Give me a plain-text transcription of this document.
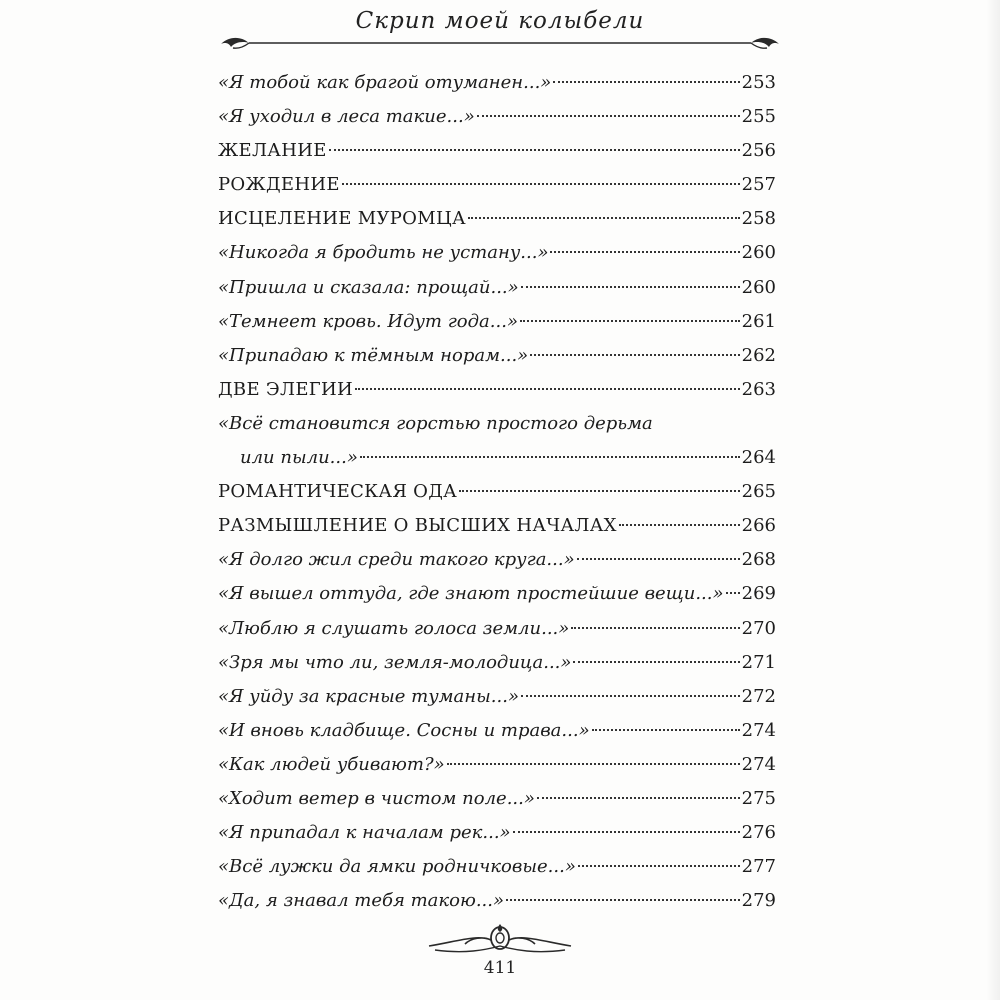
Скрип моей колыбели
«Я тобой как брагой отуманен...»	253
«Я уходил в леса такие...»	255
ЖЕЛАНИЕ	256
РОЖДЕНИЕ	257
ИСЦЕЛЕНИЕ МУРОМЦА	258
«Никогда я бродить не устану...»	260
«Пришла и сказала: прощай...»	260
«Темнеет кровь. Идут года...»	261
«Припадаю к тёмным норам...»	262
ДВЕ ЭЛЕГИИ	263
«Всё становится горстью простого дерьма
или пыли...»	264
РОМАНТИЧЕСКАЯ ОДА	265
РАЗМЫШЛЕНИЕ О ВЫСШИХ НАЧАЛАХ	266
«Я долго жил среди такого круга...»	268
«Я вышел оттуда, где знают простейшие вещи...» 269
«Люблю я слушать голоса земли...»	270
«Зря мы что ли, земля-молодица...»	271
«Я уйду за красные туманы...»	272
«И вновь кладбище. Сосны и трава...»	274
«Как людей убивают?»	274
«Ходит ветер в чистом поле...»	275
«Я припадал к началам рек...»	276
«Всё лужки да ямки родничковые...»	277
«Да, я знавал тебя такою...»	279
411
